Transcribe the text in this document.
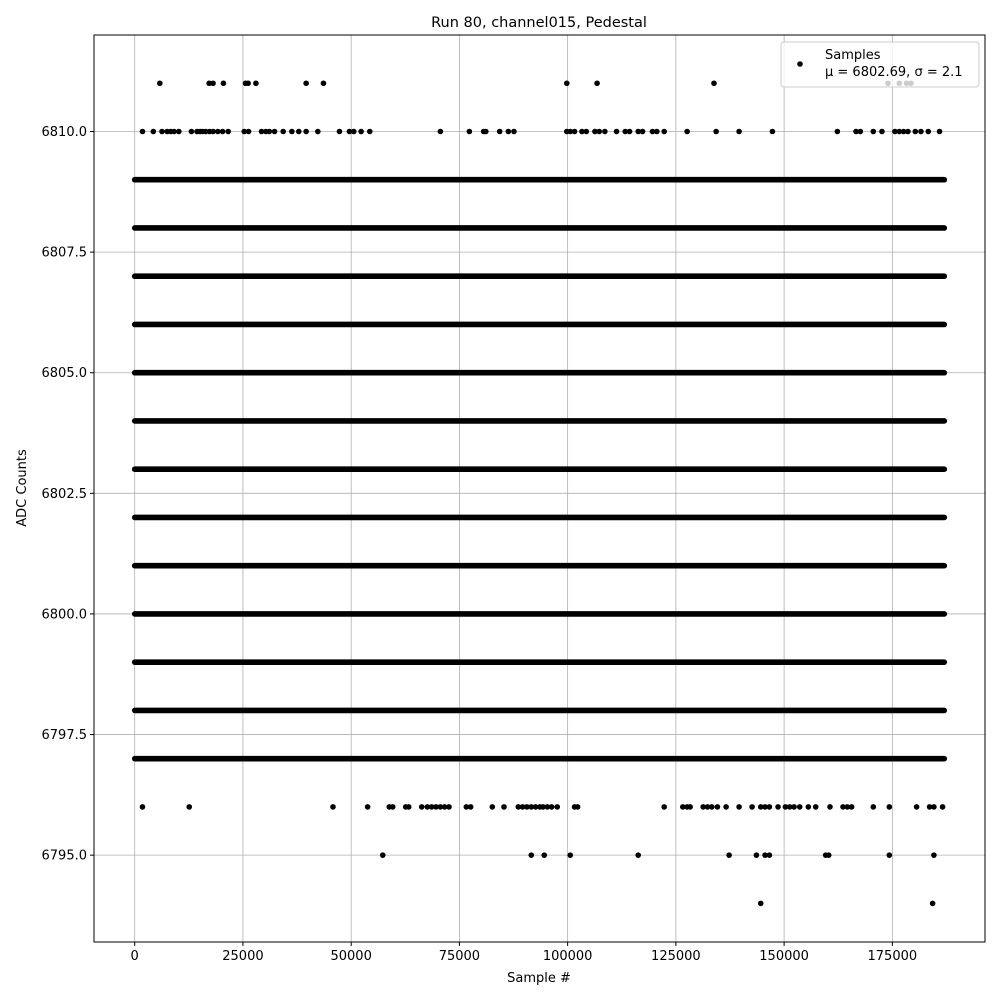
0	25000	50000	75000	100000	125000	150000	175000
6795.0
6797.5
6800.0
6802.5
6805.0
6807.5
6810.0
Run 80, channel015, Pedestal
Sample #
ADC Counts
Samples
μ = 6802.69, σ = 2.1
